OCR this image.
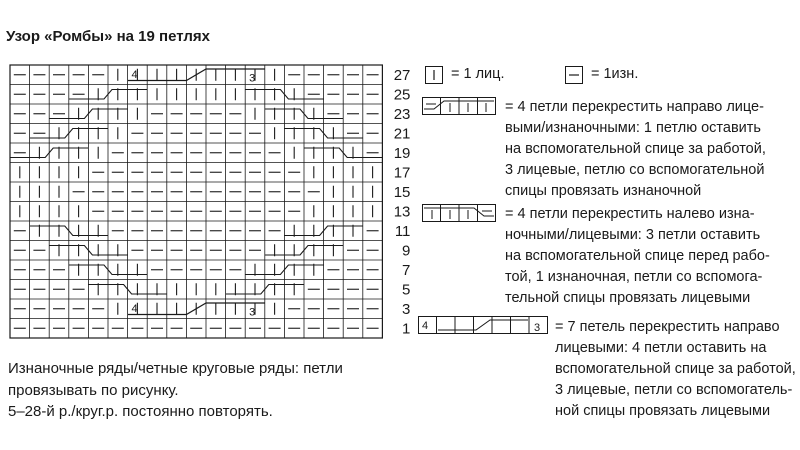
Узор «Ромбы» на 19 петлях
4	3
4	3
27
25
23
21
19
17
15
13
11
9
7
5
3
1
= 1 лиц.	= 1изн.
= 4 петли перекрестить направо лице-
выми/изнаночными: 1 петлю оставить
на вспомогательной спице за работой,
3 лицевые, петлю со вспомогательной
спицы провязать изнаночной
= 4 петли перекрестить налево изна-
ночными/лицевыми: 3 петли оставить
на вспомогательной спице перед рабо-
той, 1 изнаночная, петли со вспомога-
тельной спицы провязать лицевыми
4	3 = 7 петель перекрестить направо
лицевыми: 4 петли оставить на
вспомогательной спице за работой,
3 лицевые, петли со вспомогатель-
ной спицы провязать лицевыми
Изнаночные ряды/четные круговые ряды: петли
провязывать по рисунку.
5–28-й р./круг.р. постоянно повторять.
